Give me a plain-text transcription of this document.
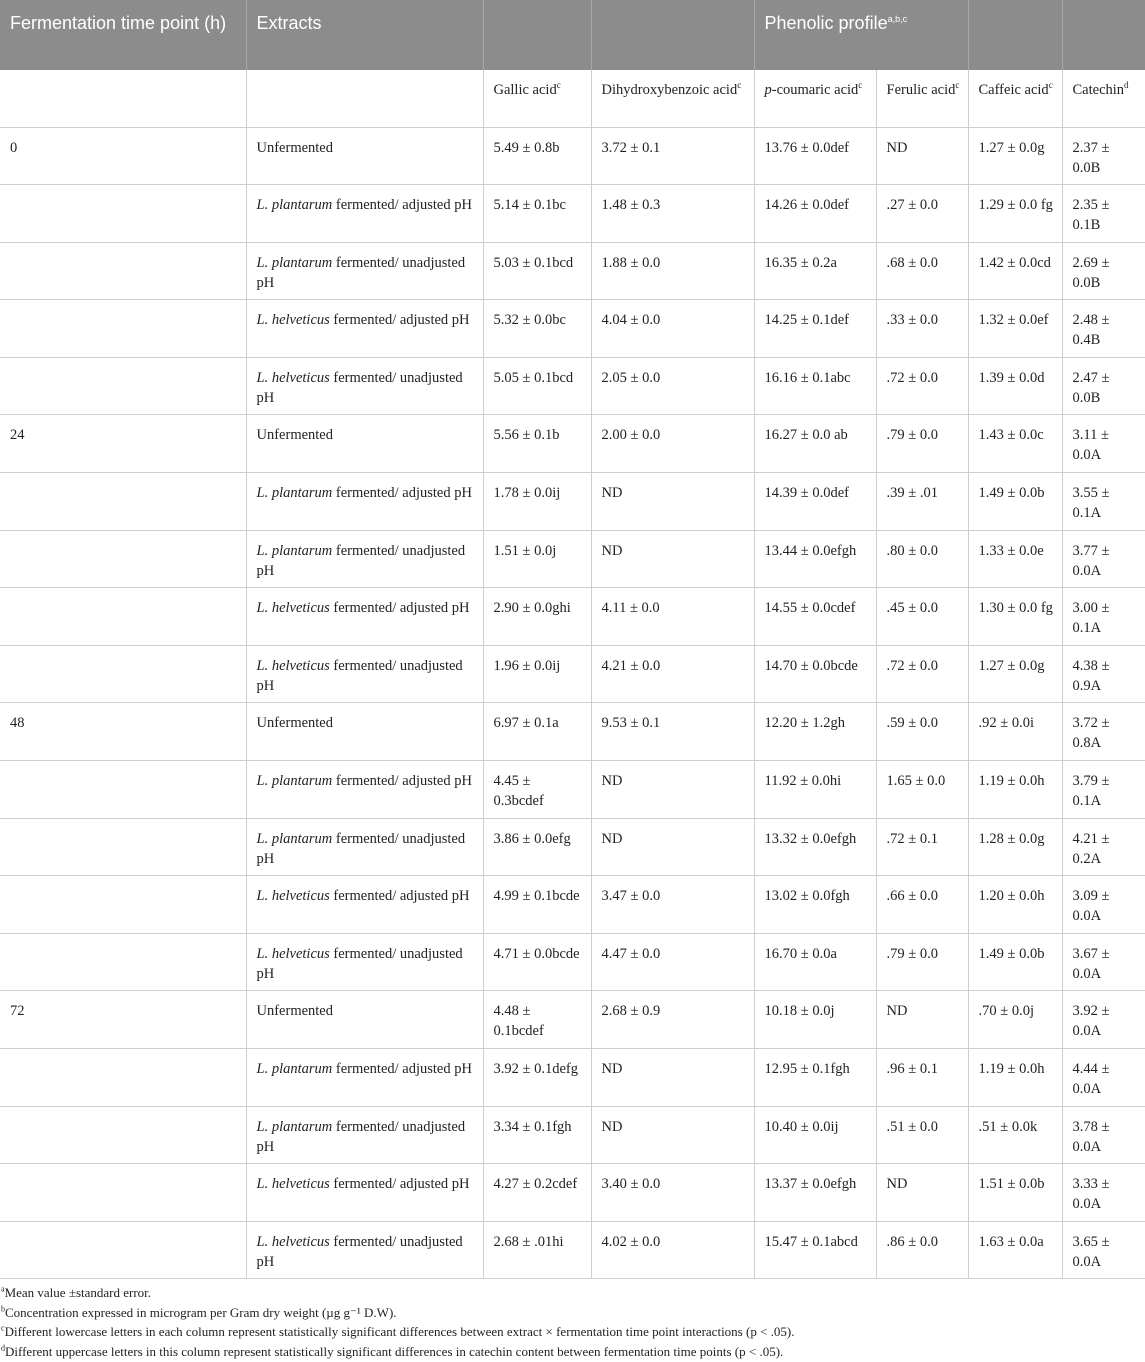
Fermentation time point (h)	Extracts			Phenolic profile$^{a,b,c}$		
		Gallic acid$^c$	Dihydroxybenzoic acid$^c$	p-coumaric acid$^c$	Ferulic acid$^c$	Caffeic acid$^c$	Catechin$^d$
0	Unfermented	5.49 ± 0.8b	3.72 ± 0.1	13.76 ± 0.0def	ND	1.27 ± 0.0g	2.37 ± 0.0B
	L. plantarum fermented/ adjusted pH	5.14 ± 0.1bc	1.48 ± 0.3	14.26 ± 0.0def	.27 ± 0.0	1.29 ± 0.0 fg	2.35 ± 0.1B
	L. plantarum fermented/ unadjusted pH	5.03 ± 0.1bcd	1.88 ± 0.0	16.35 ± 0.2a	.68 ± 0.0	1.42 ± 0.0cd	2.69 ± 0.0B
	L. helveticus fermented/ adjusted pH	5.32 ± 0.0bc	4.04 ± 0.0	14.25 ± 0.1def	.33 ± 0.0	1.32 ± 0.0ef	2.48 ± 0.4B
	L. helveticus fermented/ unadjusted pH	5.05 ± 0.1bcd	2.05 ± 0.0	16.16 ± 0.1abc	.72 ± 0.0	1.39 ± 0.0d	2.47 ± 0.0B
24	Unfermented	5.56 ± 0.1b	2.00 ± 0.0	16.27 ± 0.0 ab	.79 ± 0.0	1.43 ± 0.0c	3.11 ± 0.0A
	L. plantarum fermented/ adjusted pH	1.78 ± 0.0ij	ND	14.39 ± 0.0def	.39 ± .01	1.49 ± 0.0b	3.55 ± 0.1A
	L. plantarum fermented/ unadjusted pH	1.51 ± 0.0j	ND	13.44 ± 0.0efgh	.80 ± 0.0	1.33 ± 0.0e	3.77 ± 0.0A
	L. helveticus fermented/ adjusted pH	2.90 ± 0.0ghi	4.11 ± 0.0	14.55 ± 0.0cdef	.45 ± 0.0	1.30 ± 0.0 fg	3.00 ± 0.1A
	L. helveticus fermented/ unadjusted pH	1.96 ± 0.0ij	4.21 ± 0.0	14.70 ± 0.0bcde	.72 ± 0.0	1.27 ± 0.0g	4.38 ± 0.9A
48	Unfermented	6.97 ± 0.1a	9.53 ± 0.1	12.20 ± 1.2gh	.59 ± 0.0	.92 ± 0.0i	3.72 ± 0.8A
	L. plantarum fermented/ adjusted pH	4.45 ± 0.3bcdef	ND	11.92 ± 0.0hi	1.65 ± 0.0	1.19 ± 0.0h	3.79 ± 0.1A
	L. plantarum fermented/ unadjusted pH	3.86 ± 0.0efg	ND	13.32 ± 0.0efgh	.72 ± 0.1	1.28 ± 0.0g	4.21 ± 0.2A
	L. helveticus fermented/ adjusted pH	4.99 ± 0.1bcde	3.47 ± 0.0	13.02 ± 0.0fgh	.66 ± 0.0	1.20 ± 0.0h	3.09 ± 0.0A
	L. helveticus fermented/ unadjusted pH	4.71 ± 0.0bcde	4.47 ± 0.0	16.70 ± 0.0a	.79 ± 0.0	1.49 ± 0.0b	3.67 ± 0.0A
72	Unfermented	4.48 ± 0.1bcdef	2.68 ± 0.9	10.18 ± 0.0j	ND	.70 ± 0.0j	3.92 ± 0.0A
	L. plantarum fermented/ adjusted pH	3.92 ± 0.1defg	ND	12.95 ± 0.1fgh	.96 ± 0.1	1.19 ± 0.0h	4.44 ± 0.0A
	L. plantarum fermented/ unadjusted pH	3.34 ± 0.1fgh	ND	10.40 ± 0.0ij	.51 ± 0.0	.51 ± 0.0k	3.78 ± 0.0A
	L. helveticus fermented/ adjusted pH	4.27 ± 0.2cdef	3.40 ± 0.0	13.37 ± 0.0efgh	ND	1.51 ± 0.0b	3.33 ± 0.0A
	L. helveticus fermented/ unadjusted pH	2.68 ± .01hi	4.02 ± 0.0	15.47 ± 0.1abcd	.86 ± 0.0	1.63 ± 0.0a	3.65 ± 0.0A
$^a$Mean value ±standard error.
$^b$Concentration expressed in microgram per Gram dry weight (µg g⁻¹ D.W).
$^c$Different lowercase letters in each column represent statistically significant differences between extract × fermentation time point interactions (p < .05).
$^d$Different uppercase letters in this column represent statistically significant differences in catechin content between fermentation time points (p < .05).
